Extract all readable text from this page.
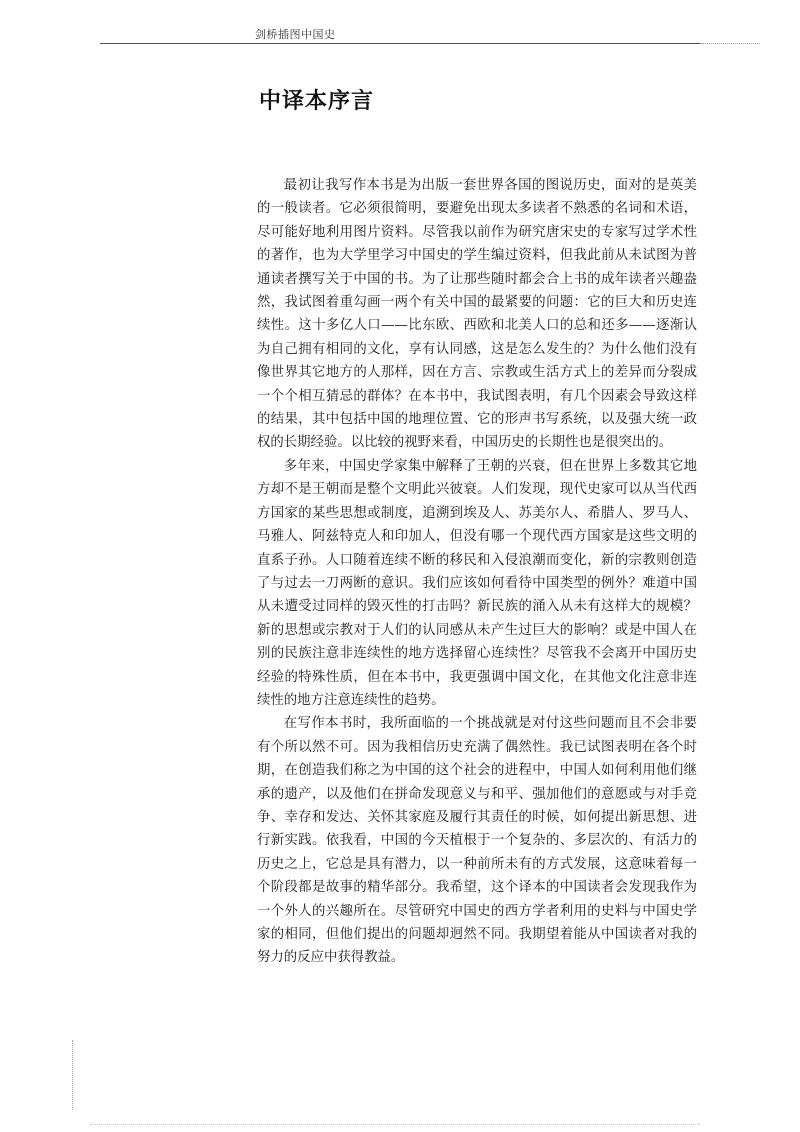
剑桥插图中国史
中译本序言

最初让我写作本书是为出版一套世界各国的图说历史，面对的是英美的一般读者。它必须很简明，要避免出现太多读者不熟悉的名词和术语，尽可能好地利用图片资料。尽管我以前作为研究唐宋史的专家写过学术性的著作，也为大学里学习中国史的学生编过资料，但我此前从未试图为普通读者撰写关于中国的书。为了让那些随时都会合上书的成年读者兴趣盎然，我试图着重勾画一两个有关中国的最紧要的问题：它的巨大和历史连续性。这十多亿人口——比东欧、西欧和北美人口的总和还多——逐渐认为自己拥有相同的文化，享有认同感，这是怎么发生的？为什么他们没有像世界其它地方的人那样，因在方言、宗教或生活方式上的差异而分裂成一个个相互猜忌的群体？在本书中，我试图表明，有几个因素会导致这样的结果，其中包括中国的地理位置、它的形声书写系统，以及强大统一政权的长期经验。以比较的视野来看，中国历史的长期性也是很突出的。

多年来，中国史学家集中解释了王朝的兴衰，但在世界上多数其它地方却不是王朝而是整个文明此兴彼衰。人们发现，现代史家可以从当代西方国家的某些思想或制度，追溯到埃及人、苏美尔人、希腊人、罗马人、马雅人、阿兹特克人和印加人，但没有哪一个现代西方国家是这些文明的直系子孙。人口随着连续不断的移民和入侵浪潮而变化，新的宗教则创造了与过去一刀两断的意识。我们应该如何看待中国类型的例外？难道中国从未遭受过同样的毁灭性的打击吗？新民族的涌入从未有这样大的规模？新的思想或宗教对于人们的认同感从未产生过巨大的影响？或是中国人在别的民族注意非连续性的地方选择留心连续性？尽管我不会离开中国历史经验的特殊性质，但在本书中，我更强调中国文化，在其他文化注意非连续性的地方注意连续性的趋势。

在写作本书时，我所面临的一个挑战就是对付这些问题而且不会非要有个所以然不可。因为我相信历史充满了偶然性。我已试图表明在各个时期，在创造我们称之为中国的这个社会的进程中，中国人如何利用他们继承的遗产，以及他们在拼命发现意义与和平、强加他们的意愿或与对手竞争、幸存和发达、关怀其家庭及履行其责任的时候，如何提出新思想、进行新实践。依我看，中国的今天植根于一个复杂的、多层次的、有活力的历史之上，它总是具有潜力，以一种前所未有的方式发展，这意味着每一个阶段都是故事的精华部分。我希望，这个译本的中国读者会发现我作为一个外人的兴趣所在。尽管研究中国史的西方学者利用的史料与中国史学家的相同，但他们提出的问题却迥然不同。我期望着能从中国读者对我的努力的反应中获得教益。
